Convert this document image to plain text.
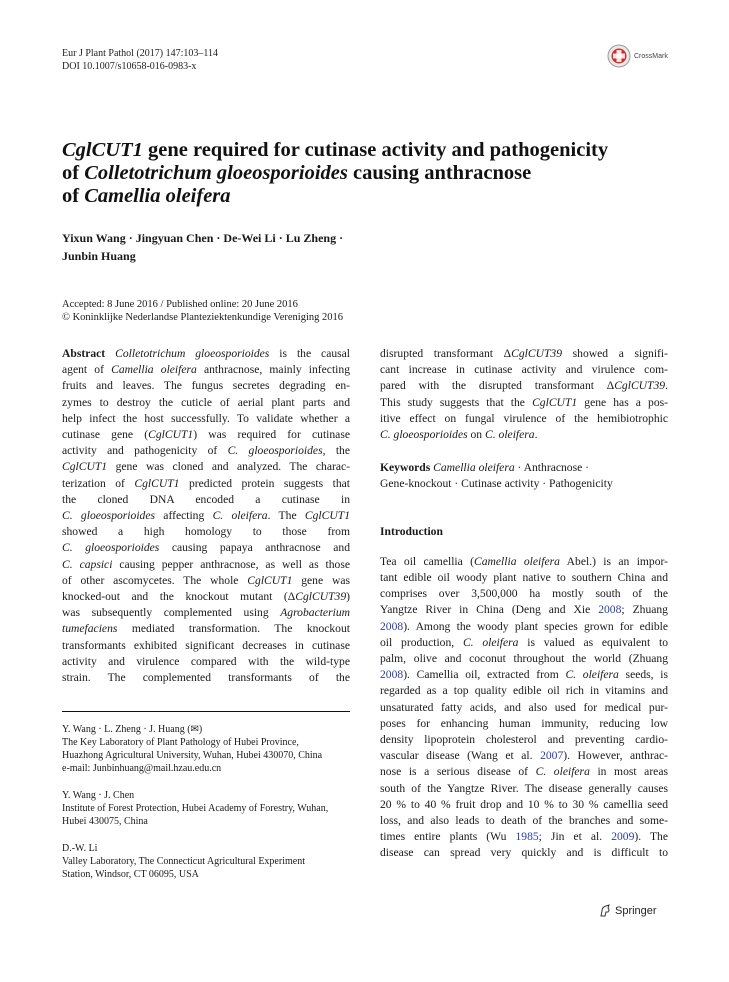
Eur J Plant Pathol (2017) 147:103–114
DOI 10.1007/s10658-016-0983-x
CrossMark
CglCUT1 gene required for cutinase activity and pathogenicity
of Colletotrichum gloeosporioides causing anthracnose
of Camellia oleifera
Yixun Wang · Jingyuan Chen · De-Wei Li · Lu Zheng ·
Junbin Huang
Accepted: 8 June 2016 / Published online: 20 June 2016
© Koninklijke Nederlandse Planteziektenkundige Vereniging 2016
Abstract Colletotrichum gloeosporioides is the causal
agent of Camellia oleifera anthracnose, mainly infecting
fruits and leaves. The fungus secretes degrading en-
zymes to destroy the cuticle of aerial plant parts and
help infect the host successfully. To validate whether a
cutinase gene (CglCUT1) was required for cutinase
activity and pathogenicity of C. gloeosporioides, the
CglCUT1 gene was cloned and analyzed. The charac-
terization of CglCUT1 predicted protein suggests that
the cloned DNA encoded a cutinase in
C. gloeosporioides affecting C. oleifera. The CglCUT1
showed a high homology to those from
C. gloeosporioides causing papaya anthracnose and
C. capsici causing pepper anthracnose, as well as those
of other ascomycetes. The whole CglCUT1 gene was
knocked-out and the knockout mutant (ΔCglCUT39)
was subsequently complemented using Agrobacterium
tumefaciens mediated transformation. The knockout
transformants exhibited significant decreases in cutinase
activity and virulence compared with the wild-type
strain. The complemented transformants of the
Y. Wang · L. Zheng · J. Huang (✉)
The Key Laboratory of Plant Pathology of Hubei Province,
Huazhong Agricultural University, Wuhan, Hubei 430070, China
e-mail: Junbinhuang@mail.hzau.edu.cn
Y. Wang · J. Chen
Institute of Forest Protection, Hubei Academy of Forestry, Wuhan,
Hubei 430075, China
D.-W. Li
Valley Laboratory, The Connecticut Agricultural Experiment
Station, Windsor, CT 06095, USA
disrupted transformant ΔCglCUT39 showed a signifi-
cant increase in cutinase activity and virulence com-
pared with the disrupted transformant ΔCglCUT39.
This study suggests that the CglCUT1 gene has a pos-
itive effect on fungal virulence of the hemibiotrophic
C. gloeosporioides on C. oleifera.
Keywords Camellia oleifera · Anthracnose ·
Gene-knockout · Cutinase activity · Pathogenicity
Introduction
Tea oil camellia (Camellia oleifera Abel.) is an impor-
tant edible oil woody plant native to southern China and
comprises over 3,500,000 ha mostly south of the
Yangtze River in China (Deng and Xie 2008; Zhuang
2008). Among the woody plant species grown for edible
oil production, C. oleifera is valued as equivalent to
palm, olive and coconut throughout the world (Zhuang
2008). Camellia oil, extracted from C. oleifera seeds, is
regarded as a top quality edible oil rich in vitamins and
unsaturated fatty acids, and also used for medical pur-
poses for enhancing human immunity, reducing low
density lipoprotein cholesterol and preventing cardio-
vascular disease (Wang et al. 2007). However, anthrac-
nose is a serious disease of C. oleifera in most areas
south of the Yangtze River. The disease generally causes
20 % to 40 % fruit drop and 10 % to 30 % camellia seed
loss, and also leads to death of the branches and some-
times entire plants (Wu 1985; Jin et al. 2009). The
disease can spread very quickly and is difficult to
Springer
